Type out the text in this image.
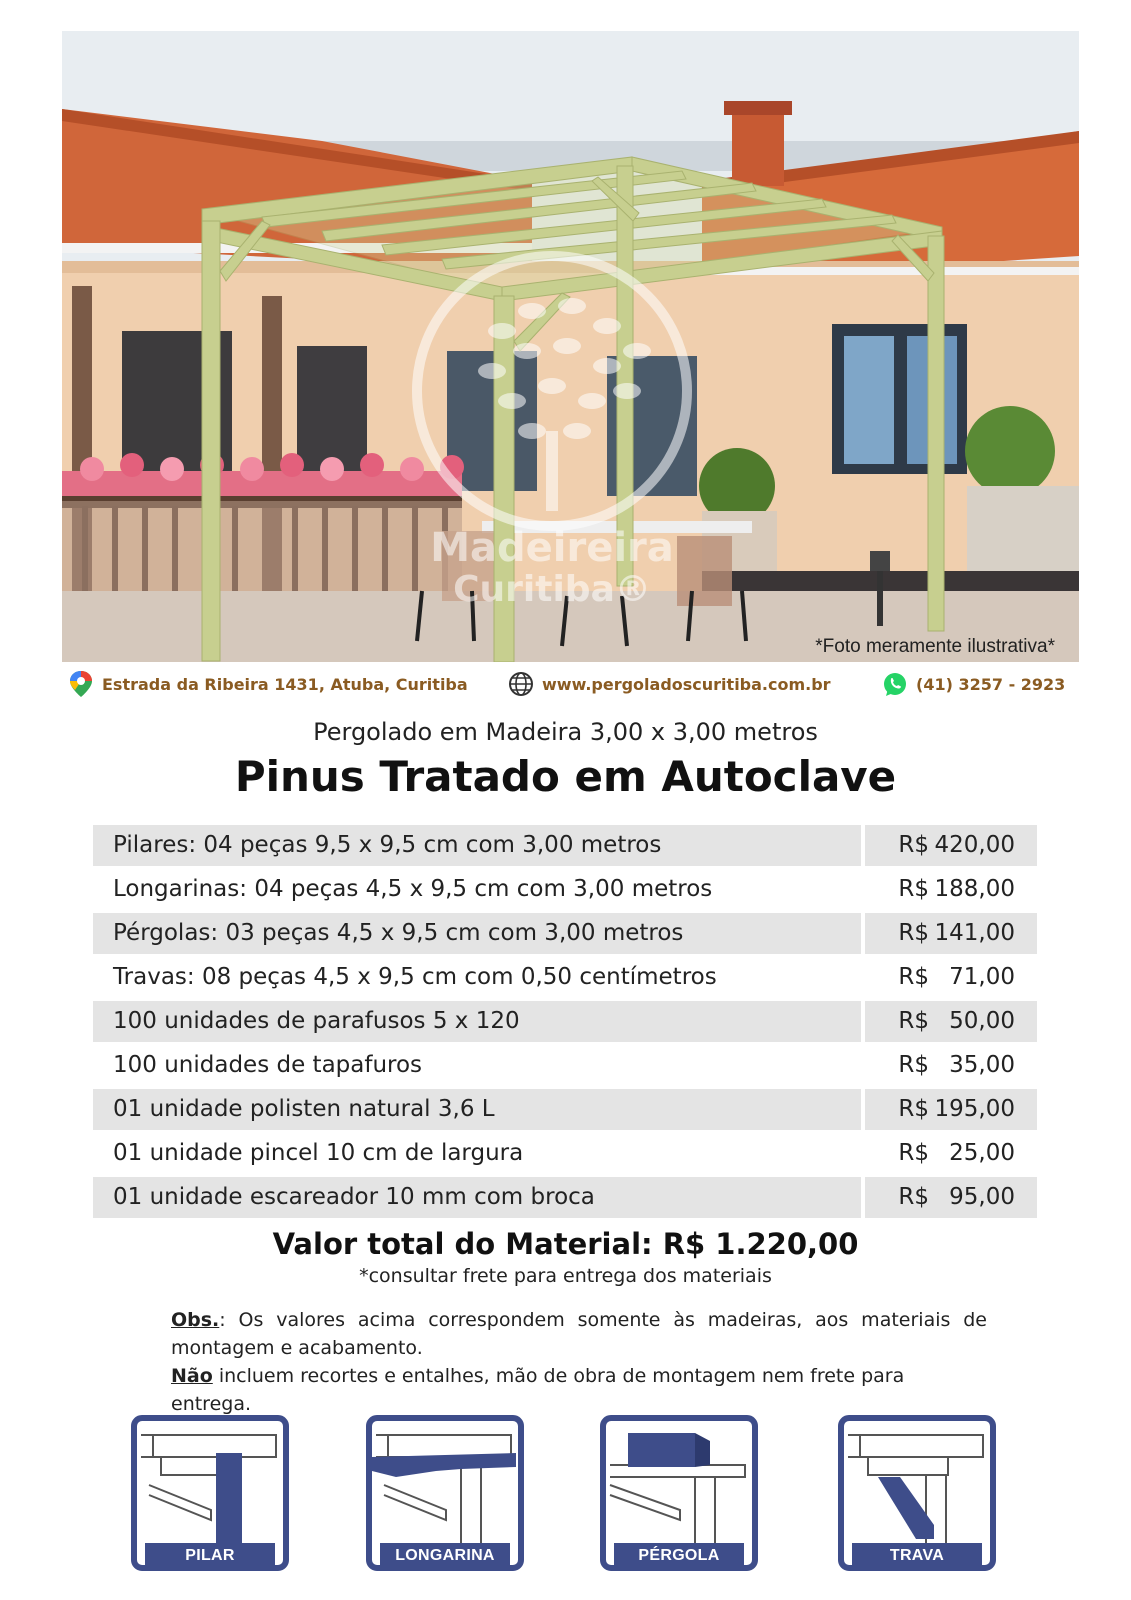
Madeireira
Curitiba®
*Foto meramente ilustrativa*
Estrada da Ribeira 1431, Atuba, Curitiba	www.pergoladoscuritiba.com.br	(41) 3257 - 2923
Pergolado em Madeira 3,00 x 3,00 metros
Pinus Tratado em Autoclave
Pilares: 04 peças 9,5 x 9,5 cm com 3,00 metros	R$ 420,00
Longarinas: 04 peças 4,5 x 9,5 cm com 3,00 metros	R$ 188,00
Pérgolas: 03 peças 4,5 x 9,5 cm com 3,00 metros	R$ 141,00
Travas: 08 peças 4,5 x 9,5 cm com 0,50 centímetros	R$ 71,00
100 unidades de parafusos 5 x 120	R$ 50,00
100 unidades de tapafuros	R$ 35,00
01 unidade polisten natural 3,6 L	R$ 195,00
01 unidade pincel 10 cm de largura	R$ 25,00
01 unidade escareador 10 mm com broca	R$ 95,00
Valor total do Material: R$ 1.220,00
*consultar frete para entrega dos materiais

Obs.: Os valores acima correspondem somente às madeiras, aos materiais de montagem e acabamento.

Não incluem recortes e entalhes, mão de obra de montagem nem frete para entrega.

PILAR	LONGARINA	PÉRGOLA	TRAVA
